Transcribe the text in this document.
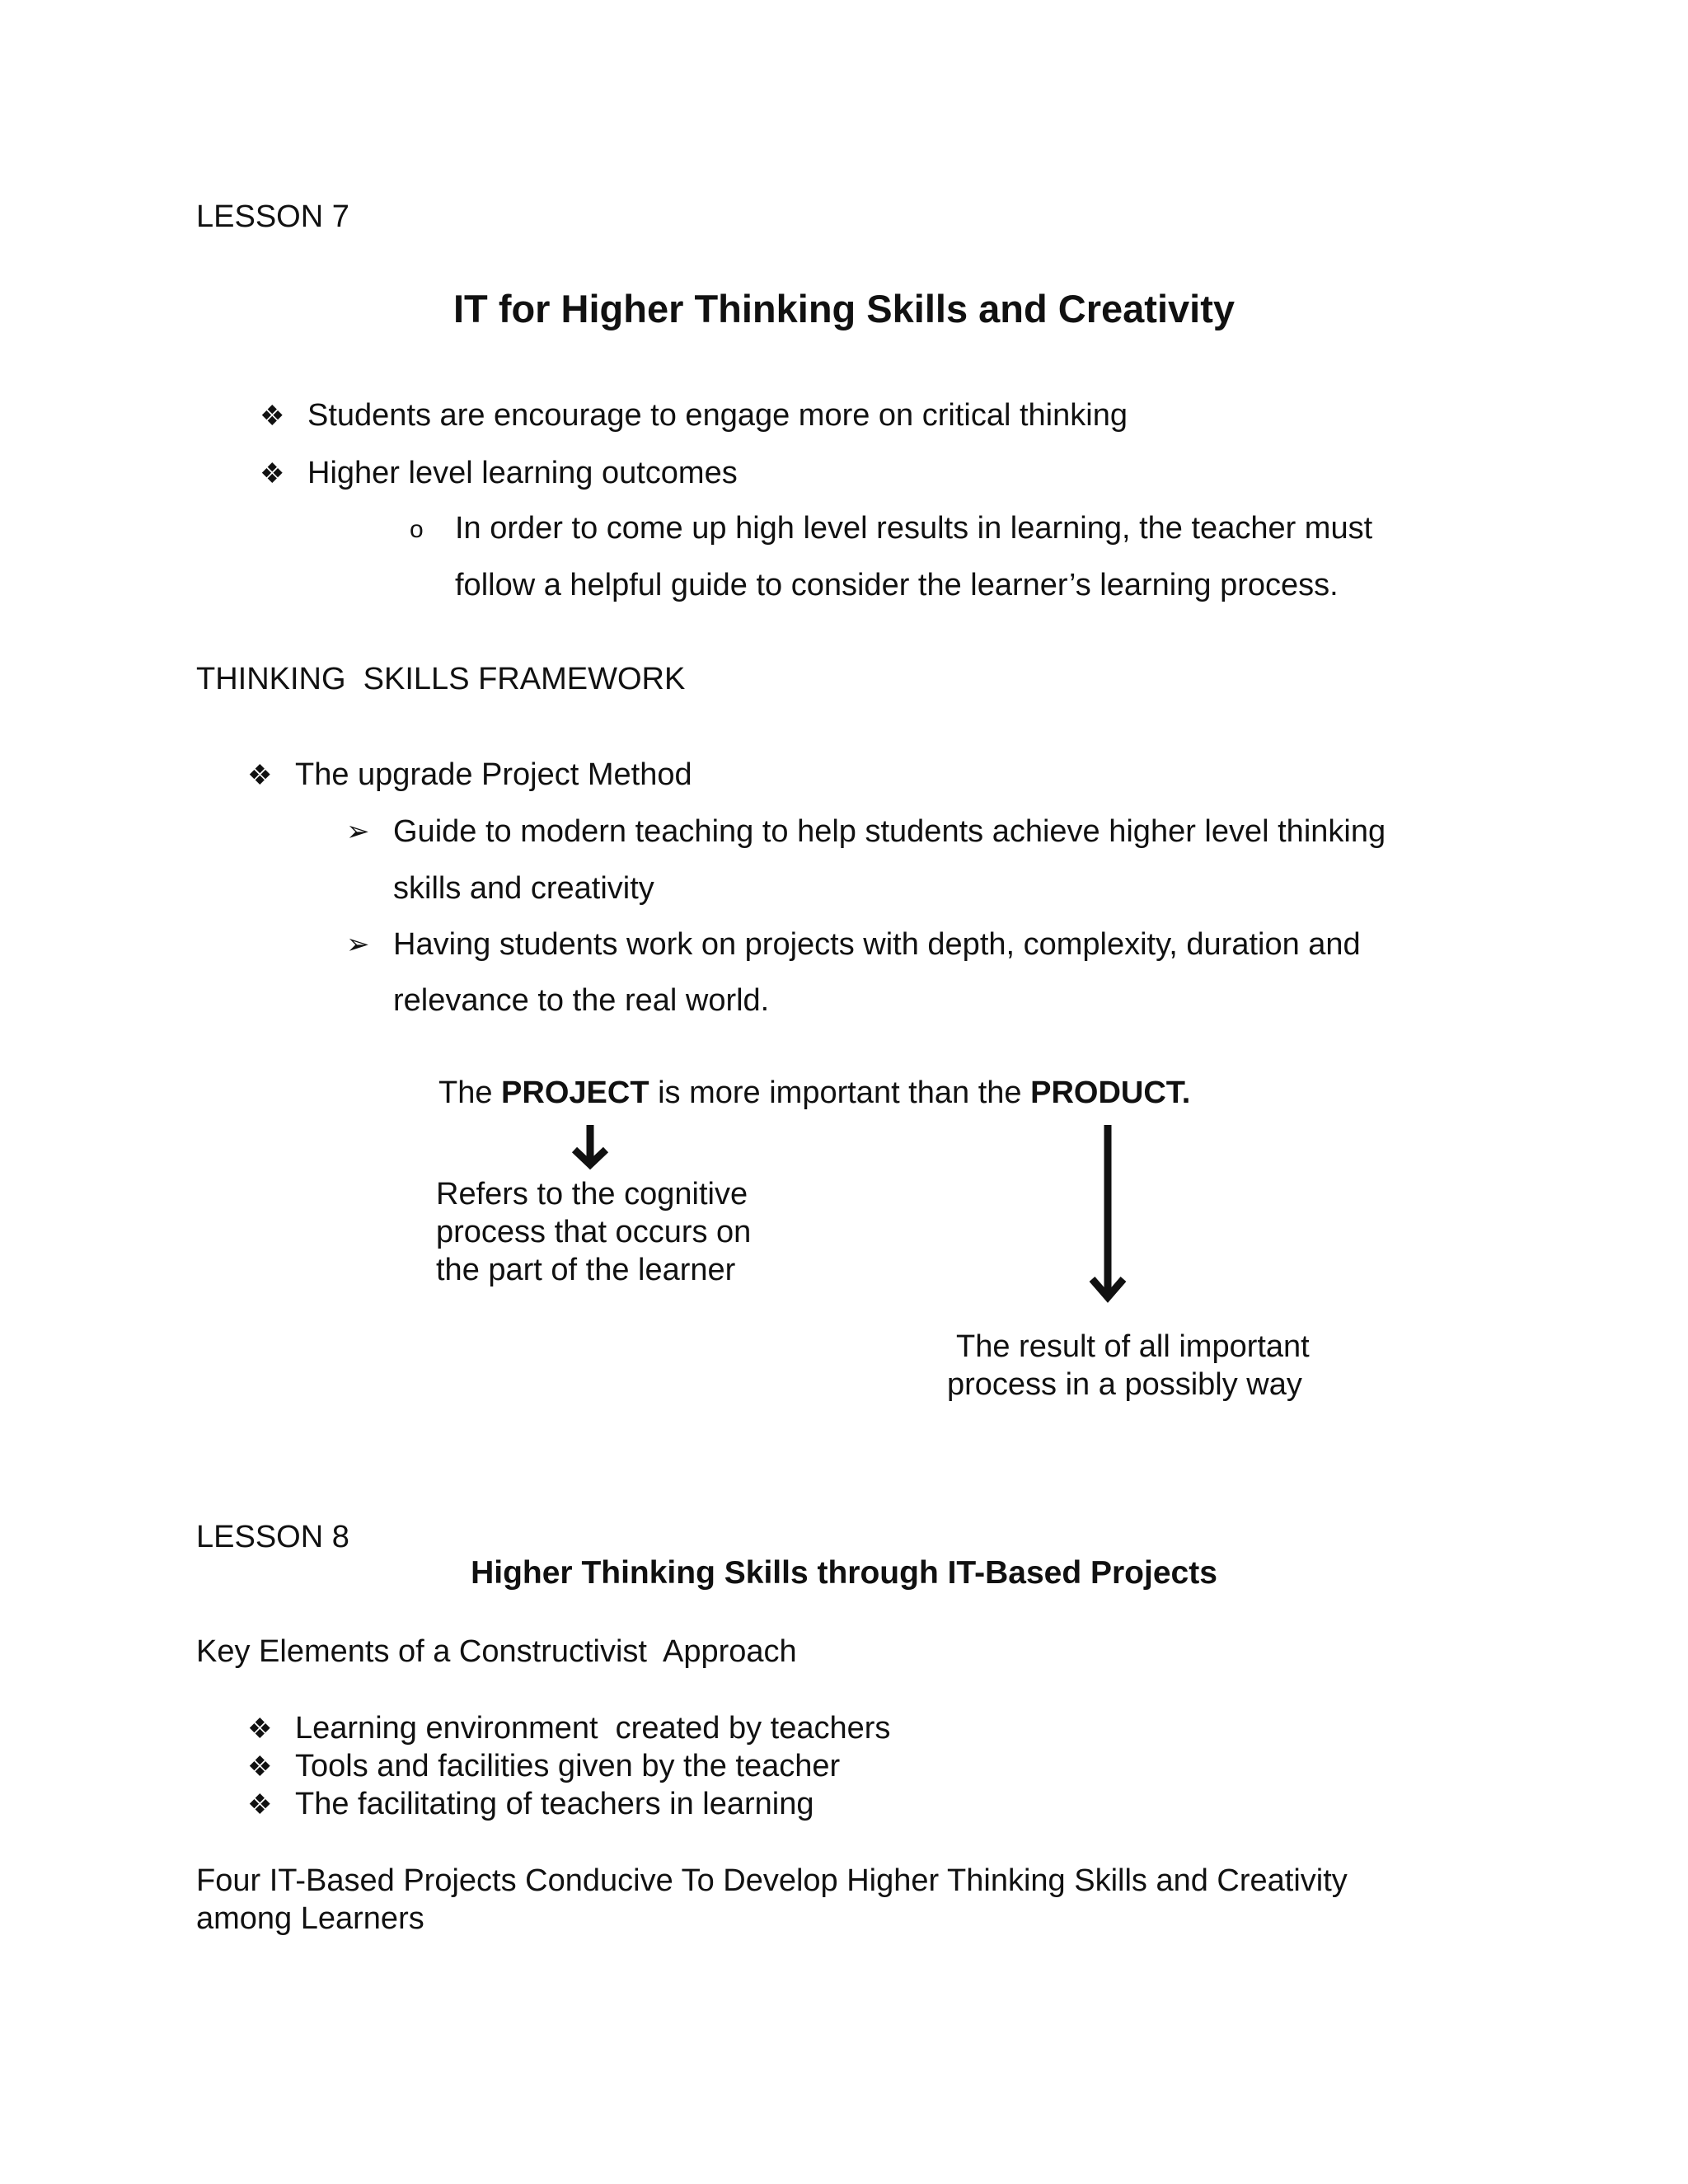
LESSON 7
IT for Higher Thinking Skills and Creativity
❖ Students are encourage to engage more on critical thinking
❖ Higher level learning outcomes
o In order to come up high level results in learning, the teacher must
follow a helpful guide to consider the learner’s learning process.
THINKING  SKILLS FRAMEWORK
❖ The upgrade Project Method
➢ Guide to modern teaching to help students achieve higher level thinking
skills and creativity
➢ Having students work on projects with depth, complexity, duration and
relevance to the real world.
The PROJECT is more important than the PRODUCT.
Refers to the cognitive
process that occurs on
the part of the learner
The result of all important
process in a possibly way
LESSON 8
Higher Thinking Skills through IT-Based Projects
Key Elements of a Constructivist  Approach
❖ Learning environment  created by teachers
❖ Tools and facilities given by the teacher
❖ The facilitating of teachers in learning
Four IT-Based Projects Conducive To Develop Higher Thinking Skills and Creativity
among Learners
